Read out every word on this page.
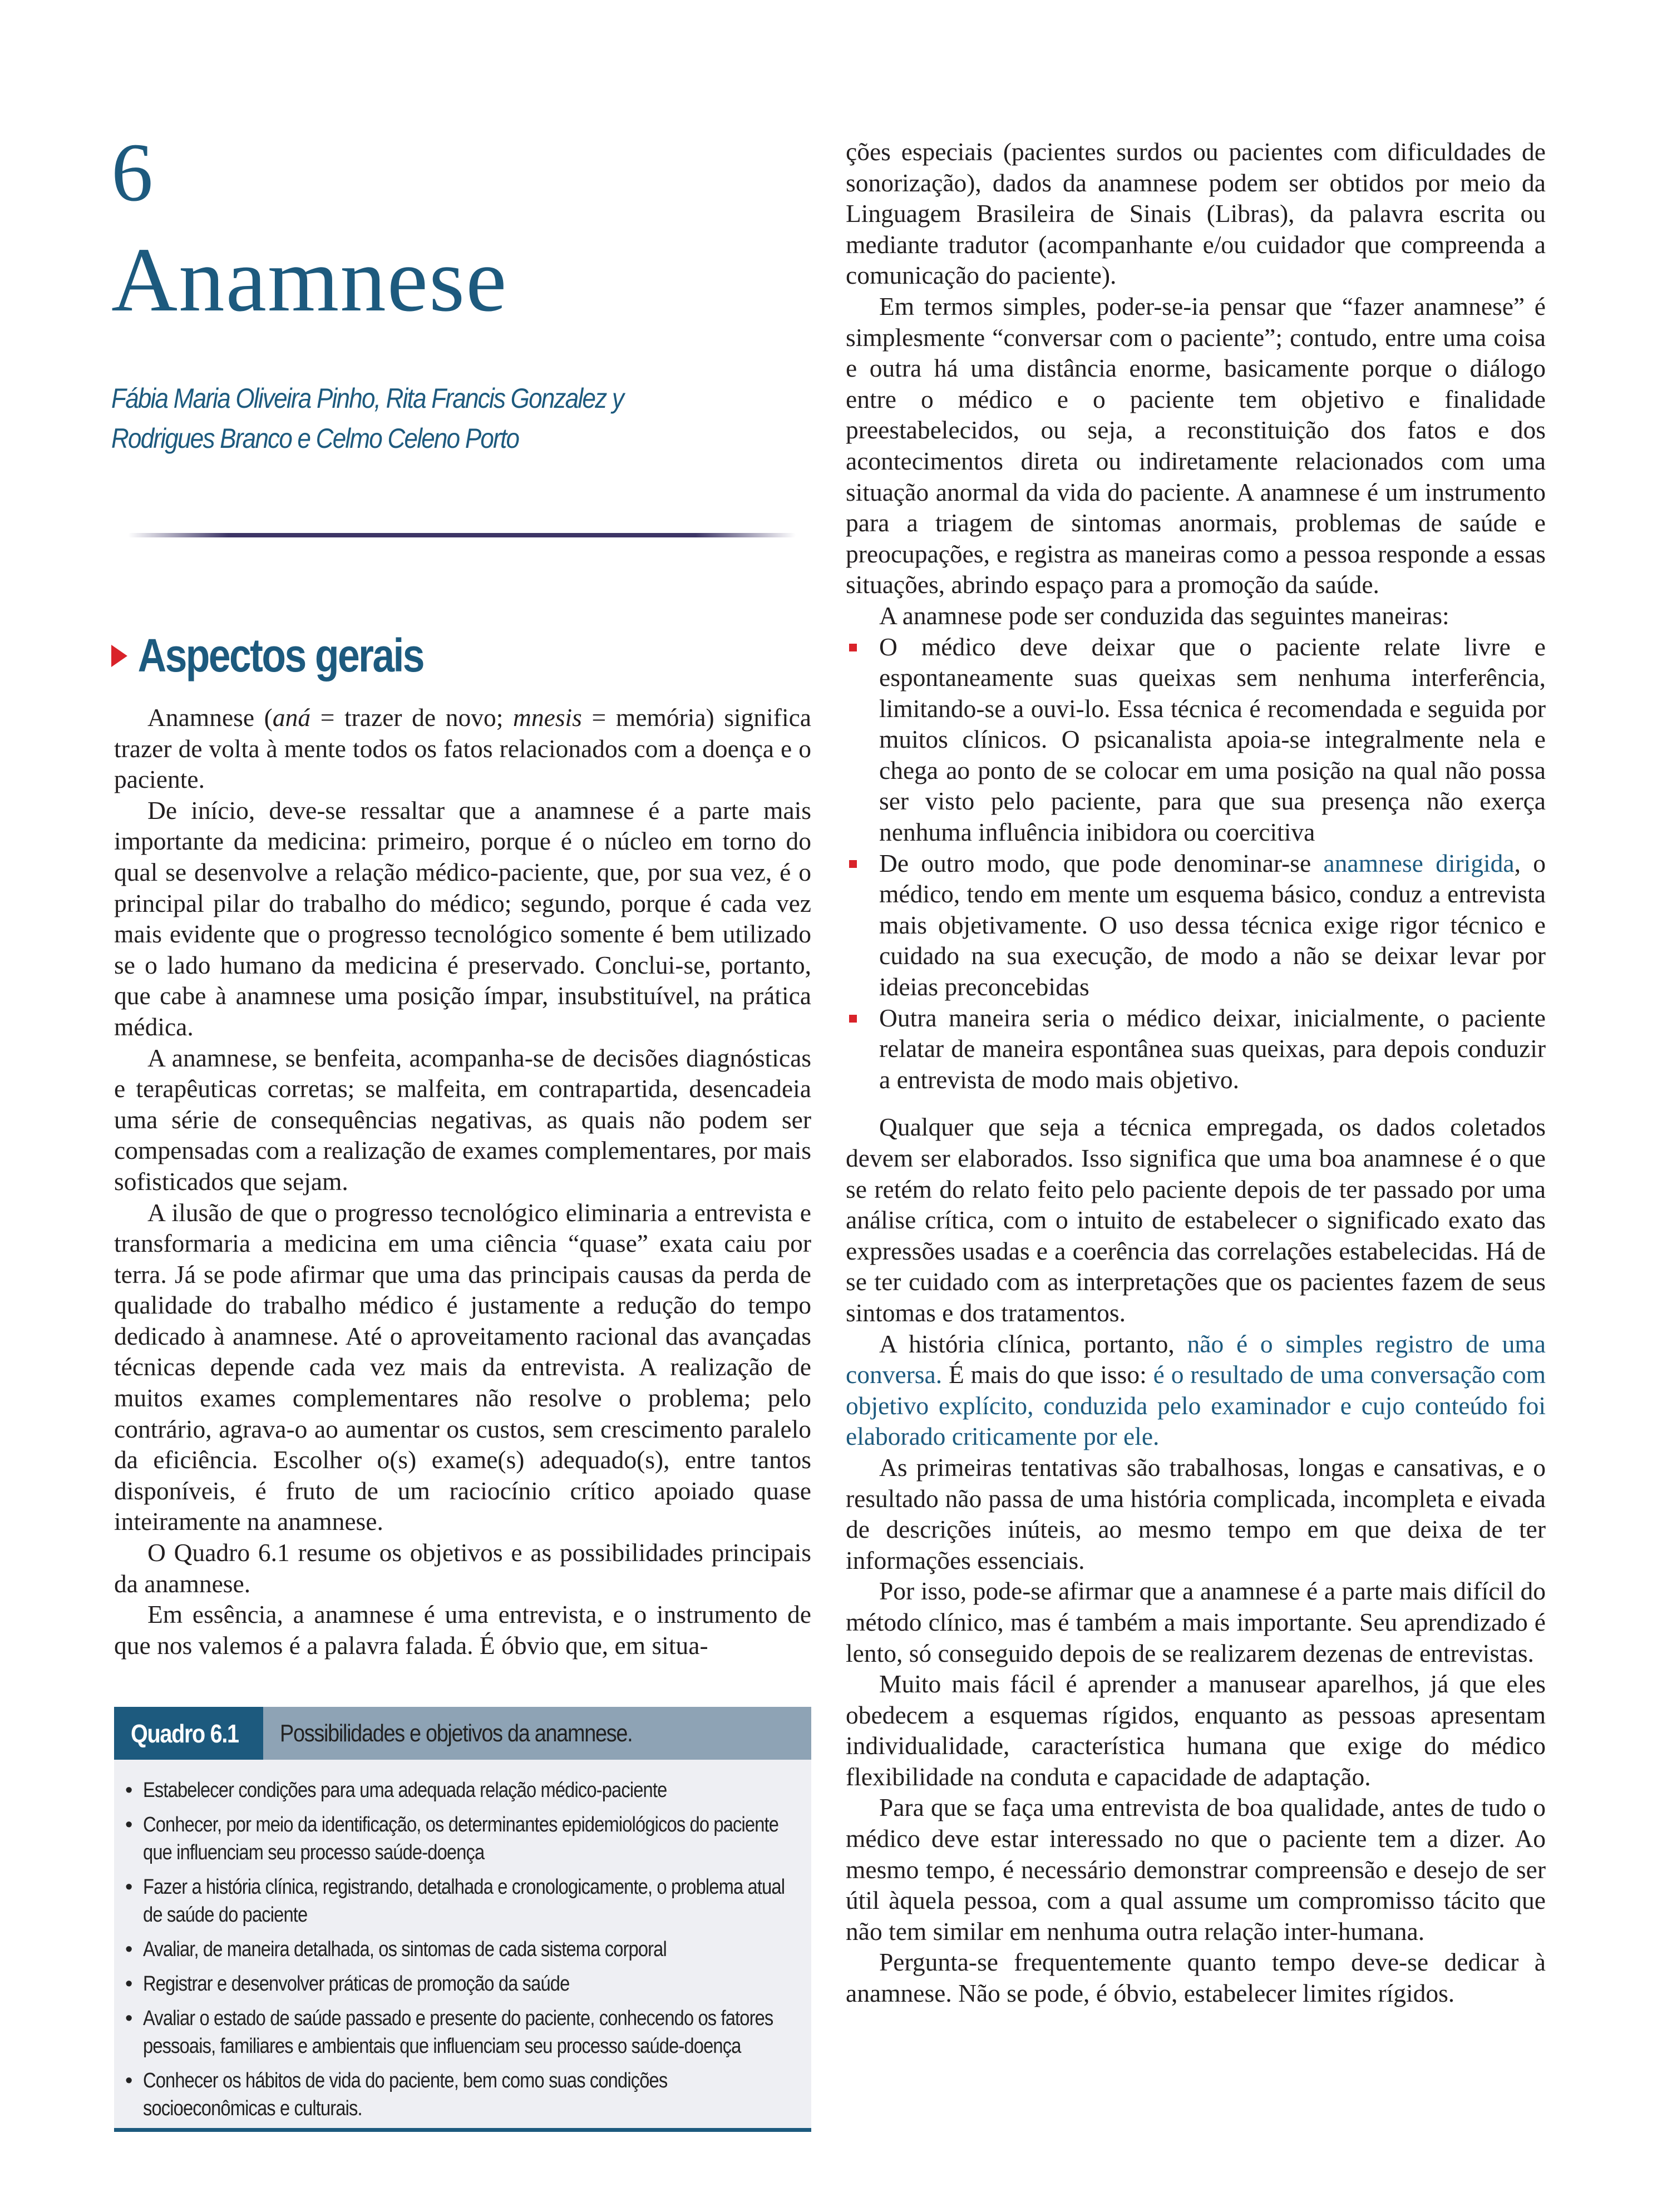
6
Anamnese
Fábia Maria Oliveira Pinho, Rita Francis Gonzalez y Rodrigues Branco e Celmo Celeno Porto
Aspectos gerais

Anamnese (aná = trazer de novo; mnesis = memória) significa trazer de volta à mente todos os fatos relacionados com a doença e o paciente.

De início, deve-se ressaltar que a anamnese é a parte mais importante da medicina: primeiro, porque é o núcleo em torno do qual se desenvolve a relação médico-paciente, que, por sua vez, é o principal pilar do trabalho do médico; segundo, porque é cada vez mais evidente que o progresso tecnológico somente é bem utilizado se o lado humano da medicina é preservado. Conclui-se, portanto, que cabe à anamnese uma posição ímpar, insubstituível, na prática médica.

A anamnese, se benfeita, acompanha-se de decisões diagnósticas e terapêuticas corretas; se malfeita, em contrapartida, desencadeia uma série de consequências negativas, as quais não podem ser compensadas com a realização de exames complementares, por mais sofisticados que sejam.

A ilusão de que o progresso tecnológico eliminaria a entrevista e transformaria a medicina em uma ciência “quase” exata caiu por terra. Já se pode afirmar que uma das principais causas da perda de qualidade do trabalho médico é justamente a redução do tempo dedicado à anamnese. Até o aproveitamento racional das avançadas técnicas depende cada vez mais da entrevista. A realização de muitos exames complementares não resolve o problema; pelo contrário, agrava-o ao aumentar os custos, sem crescimento paralelo da eficiência. Escolher o(s) exame(s) adequado(s), entre tantos disponíveis, é fruto de um raciocínio crítico apoiado quase inteiramente na anamnese.

O Quadro 6.1 resume os objetivos e as possibilidades principais da anamnese.

Em essência, a anamnese é uma entrevista, e o instrumento de que nos valemos é a palavra falada. É óbvio que, em situa-

Quadro 6.1 Possibilidades e objetivos da anamnese.
• Estabelecer condições para uma adequada relação médico-paciente
• Conhecer, por meio da identificação, os determinantes epidemiológicos do paciente que influenciam seu processo saúde-doença
• Fazer a história clínica, registrando, detalhada e cronologicamente, o problema atual de saúde do paciente
• Avaliar, de maneira detalhada, os sintomas de cada sistema corporal
• Registrar e desenvolver práticas de promoção da saúde
• Avaliar o estado de saúde passado e presente do paciente, conhecendo os fatores pessoais, familiares e ambientais que influenciam seu processo saúde-doença
• Conhecer os hábitos de vida do paciente, bem como suas condições socioeconômicas e culturais.

ções especiais (pacientes surdos ou pacientes com dificuldades de sonorização), dados da anamnese podem ser obtidos por meio da Linguagem Brasileira de Sinais (Libras), da palavra escrita ou mediante tradutor (acompanhante e/ou cuidador que compreenda a comunicação do paciente).

Em termos simples, poder-se-ia pensar que “fazer anamnese” é simplesmente “conversar com o paciente”; contudo, entre uma coisa e outra há uma distância enorme, basicamente porque o diálogo entre o médico e o paciente tem objetivo e finalidade preestabelecidos, ou seja, a reconstituição dos fatos e dos acontecimentos direta ou indiretamente relacionados com uma situação anormal da vida do paciente. A anamnese é um instrumento para a triagem de sintomas anormais, problemas de saúde e preocupações, e registra as maneiras como a pessoa responde a essas situações, abrindo espaço para a promoção da saúde.

A anamnese pode ser conduzida das seguintes maneiras:

O médico deve deixar que o paciente relate livre e espontaneamente suas queixas sem nenhuma interferência, limitando-se a ouvi-lo. Essa técnica é recomendada e seguida por muitos clínicos. O psicanalista apoia-se integralmente nela e chega ao ponto de se colocar em uma posição na qual não possa ser visto pelo paciente, para que sua presença não exerça nenhuma influência inibidora ou coercitiva
De outro modo, que pode denominar-se anamnese dirigida, o médico, tendo em mente um esquema básico, conduz a entrevista mais objetivamente. O uso dessa técnica exige rigor técnico e cuidado na sua execução, de modo a não se deixar levar por ideias preconcebidas
Outra maneira seria o médico deixar, inicialmente, o paciente relatar de maneira espontânea suas queixas, para depois conduzir a entrevista de modo mais objetivo.

Qualquer que seja a técnica empregada, os dados coletados devem ser elaborados. Isso significa que uma boa anamnese é o que se retém do relato feito pelo paciente depois de ter passado por uma análise crítica, com o intuito de estabelecer o significado exato das expressões usadas e a coerência das correlações estabelecidas. Há de se ter cuidado com as interpretações que os pacientes fazem de seus sintomas e dos tratamentos.

A história clínica, portanto, não é o simples registro de uma conversa. É mais do que isso: é o resultado de uma conversação com objetivo explícito, conduzida pelo examinador e cujo conteúdo foi elaborado criticamente por ele.

As primeiras tentativas são trabalhosas, longas e cansativas, e o resultado não passa de uma história complicada, incompleta e eivada de descrições inúteis, ao mesmo tempo em que deixa de ter informações essenciais.

Por isso, pode-se afirmar que a anamnese é a parte mais difícil do método clínico, mas é também a mais importante. Seu aprendizado é lento, só conseguido depois de se realizarem dezenas de entrevistas.

Muito mais fácil é aprender a manusear aparelhos, já que eles obedecem a esquemas rígidos, enquanto as pessoas apresentam individualidade, característica humana que exige do médico flexibilidade na conduta e capacidade de adaptação.

Para que se faça uma entrevista de boa qualidade, antes de tudo o médico deve estar interessado no que o paciente tem a dizer. Ao mesmo tempo, é necessário demonstrar compreensão e desejo de ser útil àquela pessoa, com a qual assume um compromisso tácito que não tem similar em nenhuma outra relação inter-humana.

Pergunta-se frequentemente quanto tempo deve-se dedicar à anamnese. Não se pode, é óbvio, estabelecer limites rígidos.
